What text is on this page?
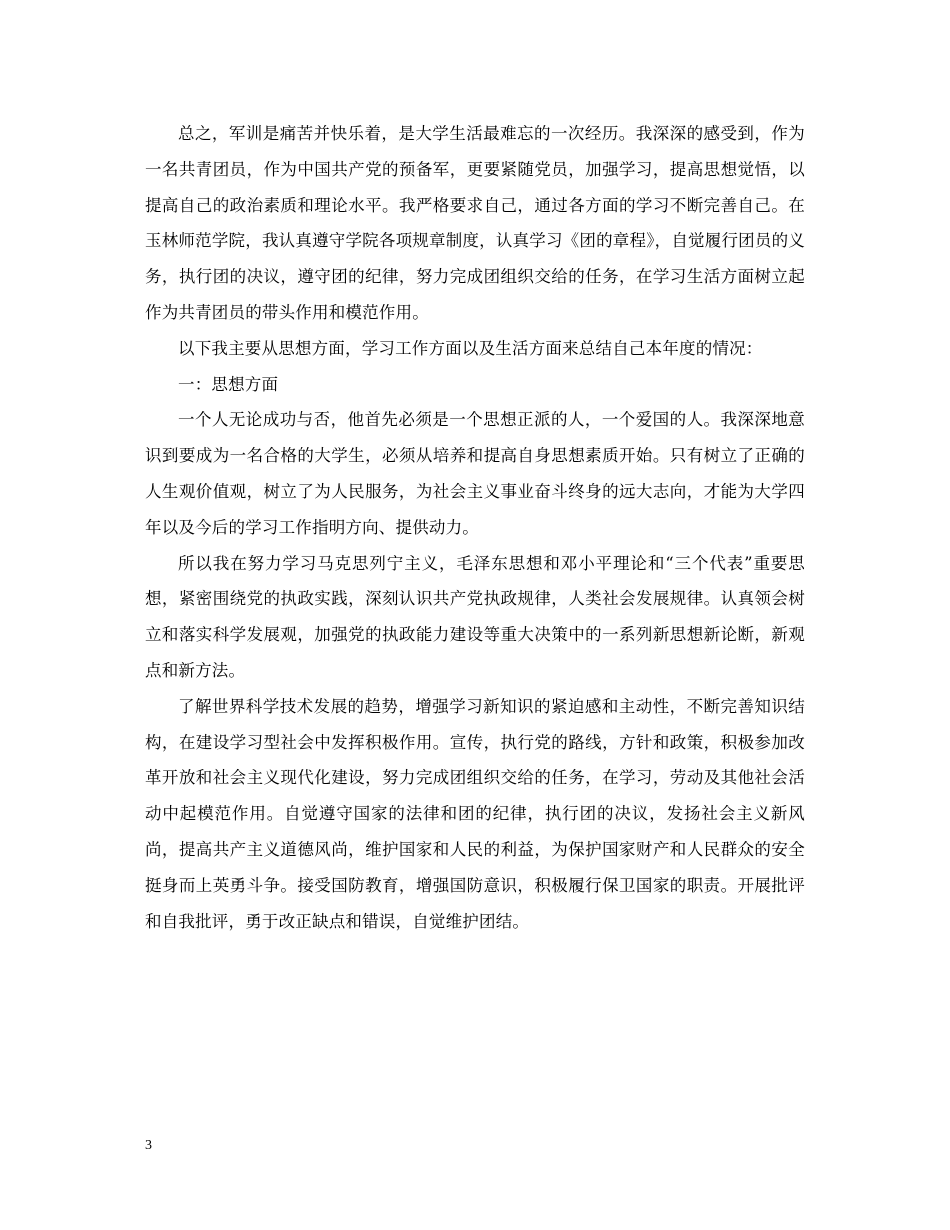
总之，军训是痛苦并快乐着，是大学生活最难忘的一次经历。我深深的感受到，作为一名共青团员，作为中国共产党的预备军，更要紧随党员，加强学习，提高思想觉悟，以提高自己的政治素质和理论水平。我严格要求自己，通过各方面的学习不断完善自己。在玉林师范学院，我认真遵守学院各项规章制度，认真学习《团的章程》，自觉履行团员的义务，执行团的决议，遵守团的纪律，努力完成团组织交给的任务，在学习生活方面树立起作为共青团员的带头作用和模范作用。

以下我主要从思想方面，学习工作方面以及生活方面来总结自己本年度的情况：

一：思想方面

一个人无论成功与否，他首先必须是一个思想正派的人，一个爱国的人。我深深地意识到要成为一名合格的大学生，必须从培养和提高自身思想素质开始。只有树立了正确的人生观价值观，树立了为人民服务，为社会主义事业奋斗终身的远大志向，才能为大学四年以及今后的学习工作指明方向、提供动力。

所以我在努力学习马克思列宁主义，毛泽东思想和邓小平理论和“三个代表”重要思想，紧密围绕党的执政实践，深刻认识共产党执政规律，人类社会发展规律。认真领会树立和落实科学发展观，加强党的执政能力建设等重大决策中的一系列新思想新论断，新观点和新方法。

了解世界科学技术发展的趋势，增强学习新知识的紧迫感和主动性，不断完善知识结构，在建设学习型社会中发挥积极作用。宣传，执行党的路线，方针和政策，积极参加改革开放和社会主义现代化建设，努力完成团组织交给的任务，在学习，劳动及其他社会活动中起模范作用。自觉遵守国家的法律和团的纪律，执行团的决议，发扬社会主义新风尚，提高共产主义道德风尚，维护国家和人民的利益，为保护国家财产和人民群众的安全挺身而上英勇斗争。接受国防教育，增强国防意识，积极履行保卫国家的职责。开展批评和自我批评，勇于改正缺点和错误，自觉维护团结。

3
